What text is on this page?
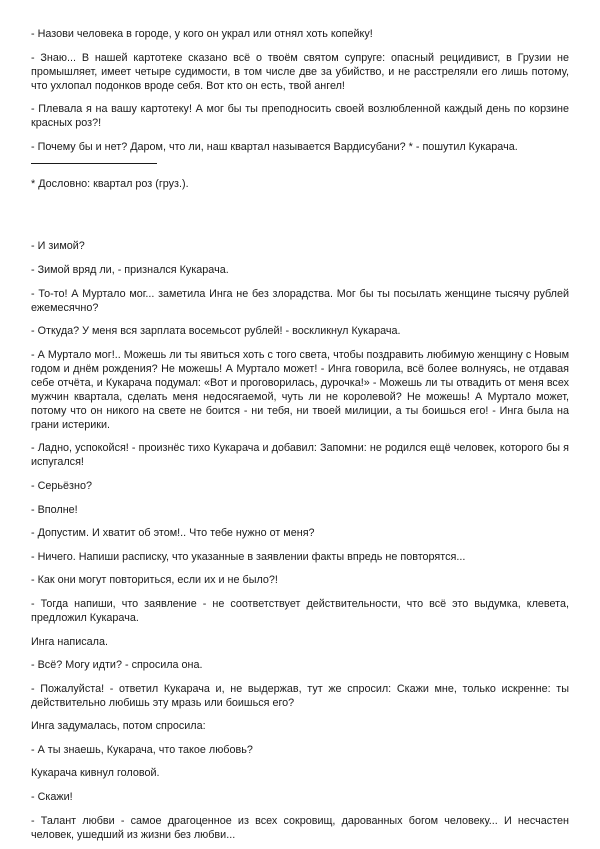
- Назови человека в городе, у кого он украл или отнял хоть копейку!

- Знаю... В нашей картотеке сказано всё о твоём святом супруге: опасный рецидивист, в Грузии не промышляет, имеет четыре судимости, в том числе две за убийство, и не расстреляли его лишь потому, что ухлопал подонков вроде себя. Вот кто он есть, твой ангел!

- Плевала я на вашу картотеку! А мог бы ты преподносить своей возлюбленной каждый день по корзине красных роз?!

- Почему бы и нет? Даром, что ли, наш квартал называется Вардисубани? * - пошутил Кукарача.

* Дословно: квартал роз (груз.).

- И зимой?

- Зимой вряд ли, - признался Кукарача.

- То-то! А Муртало мог... заметила Инга не без злорадства. Мог бы ты посылать женщине тысячу рублей ежемесячно?

- Откуда? У меня вся зарплата восемьсот рублей! - воскликнул Кукарача.

- А Муртало мог!.. Можешь ли ты явиться хоть с того света, чтобы поздравить любимую женщину с Новым годом и днём рождения? Не можешь! А Муртало может! - Инга говорила, всё более волнуясь, не отдавая себе отчёта, и Кукарача подумал: «Вот и проговорилась, дурочка!» - Можешь ли ты отвадить от меня всех мужчин квартала, сделать меня недосягаемой, чуть ли не королевой? Не можешь! А Муртало может, потому что он никого на свете не боится - ни тебя, ни твоей милиции, а ты боишься его! - Инга была на грани истерики.

- Ладно, успокойся! - произнёс тихо Кукарача и добавил: Запомни: не родился ещё человек, которого бы я испугался!

- Серьёзно?

- Вполне!

- Допустим. И хватит об этом!.. Что тебе нужно от меня?

- Ничего. Напиши расписку, что указанные в заявлении факты впредь не повторятся...

- Как они могут повториться, если их и не было?!

- Тогда напиши, что заявление - не соответствует действительности, что всё это выдумка, клевета, предложил Кукарача.

Инга написала.

- Всё? Могу идти? - спросила она.

- Пожалуйста! - ответил Кукарача и, не выдержав, тут же спросил: Скажи мне, только искренне: ты действительно любишь эту мразь или боишься его?

Инга задумалась, потом спросила:

- А ты знаешь, Кукарача, что такое любовь?

Кукарача кивнул головой.

- Скажи!

- Талант любви - самое драгоценное из всех сокровищ, дарованных богом человеку... И несчастен человек, ушедший из жизни без любви...
